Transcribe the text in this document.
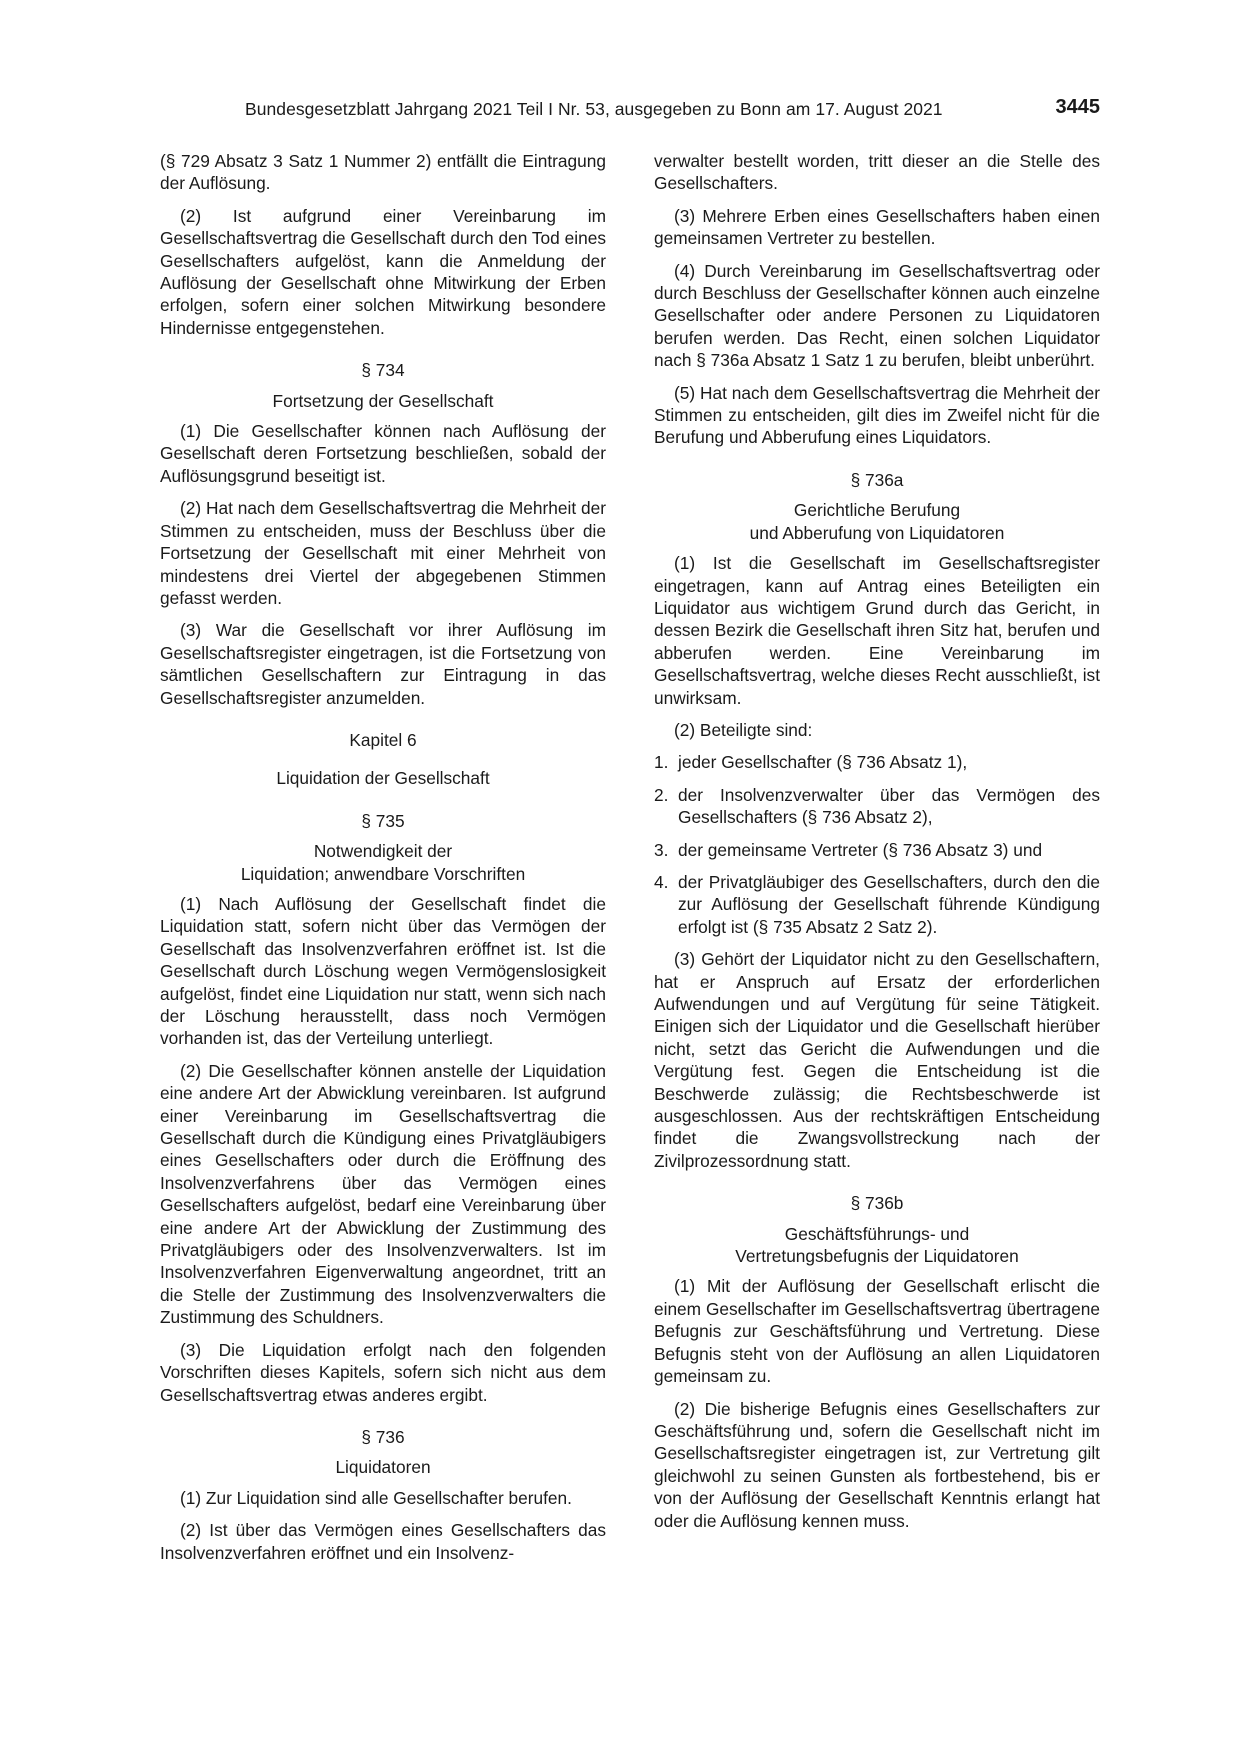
Bundesgesetzblatt Jahrgang 2021 Teil I Nr. 53, ausgegeben zu Bonn am 17. August 2021	3445

(§ 729 Absatz 3 Satz 1 Nummer 2) entfällt die Eintragung der Auflösung.

(2) Ist aufgrund einer Vereinbarung im Gesellschaftsvertrag die Gesellschaft durch den Tod eines Gesellschafters aufgelöst, kann die Anmeldung der Auflösung der Gesellschaft ohne Mitwirkung der Erben erfolgen, sofern einer solchen Mitwirkung besondere Hindernisse entgegenstehen.

§ 734

Fortsetzung der Gesellschaft

(1) Die Gesellschafter können nach Auflösung der Gesellschaft deren Fortsetzung beschließen, sobald der Auflösungsgrund beseitigt ist.

(2) Hat nach dem Gesellschaftsvertrag die Mehrheit der Stimmen zu entscheiden, muss der Beschluss über die Fortsetzung der Gesellschaft mit einer Mehrheit von mindestens drei Viertel der abgegebenen Stimmen gefasst werden.

(3) War die Gesellschaft vor ihrer Auflösung im Gesellschaftsregister eingetragen, ist die Fortsetzung von sämtlichen Gesellschaftern zur Eintragung in das Gesellschaftsregister anzumelden.

Kapitel 6

Liquidation der Gesellschaft

§ 735

Notwendigkeit der

Liquidation; anwendbare Vorschriften

(1) Nach Auflösung der Gesellschaft findet die Liquidation statt, sofern nicht über das Vermögen der Gesellschaft das Insolvenzverfahren eröffnet ist. Ist die Gesellschaft durch Löschung wegen Vermögenslosigkeit aufgelöst, findet eine Liquidation nur statt, wenn sich nach der Löschung herausstellt, dass noch Vermögen vorhanden ist, das der Verteilung unterliegt.

(2) Die Gesellschafter können anstelle der Liquidation eine andere Art der Abwicklung vereinbaren. Ist aufgrund einer Vereinbarung im Gesellschaftsvertrag die Gesellschaft durch die Kündigung eines Privatgläubigers eines Gesellschafters oder durch die Eröffnung des Insolvenzverfahrens über das Vermögen eines Gesellschafters aufgelöst, bedarf eine Vereinbarung über eine andere Art der Abwicklung der Zustimmung des Privatgläubigers oder des Insolvenzverwalters. Ist im Insolvenzverfahren Eigenverwaltung angeordnet, tritt an die Stelle der Zustimmung des Insolvenzverwalters die Zustimmung des Schuldners.

(3) Die Liquidation erfolgt nach den folgenden Vorschriften dieses Kapitels, sofern sich nicht aus dem Gesellschaftsvertrag etwas anderes ergibt.

§ 736

Liquidatoren

(1) Zur Liquidation sind alle Gesellschafter berufen.

(2) Ist über das Vermögen eines Gesellschafters das Insolvenzverfahren eröffnet und ein Insolvenz-

verwalter bestellt worden, tritt dieser an die Stelle des Gesellschafters.

(3) Mehrere Erben eines Gesellschafters haben einen gemeinsamen Vertreter zu bestellen.

(4) Durch Vereinbarung im Gesellschaftsvertrag oder durch Beschluss der Gesellschafter können auch einzelne Gesellschafter oder andere Personen zu Liquidatoren berufen werden. Das Recht, einen solchen Liquidator nach § 736a Absatz 1 Satz 1 zu berufen, bleibt unberührt.

(5) Hat nach dem Gesellschaftsvertrag die Mehrheit der Stimmen zu entscheiden, gilt dies im Zweifel nicht für die Berufung und Abberufung eines Liquidators.

§ 736a

Gerichtliche Berufung

und Abberufung von Liquidatoren

(1) Ist die Gesellschaft im Gesellschaftsregister eingetragen, kann auf Antrag eines Beteiligten ein Liquidator aus wichtigem Grund durch das Gericht, in dessen Bezirk die Gesellschaft ihren Sitz hat, berufen und abberufen werden. Eine Vereinbarung im Gesellschaftsvertrag, welche dieses Recht ausschließt, ist unwirksam.

(2) Beteiligte sind:

1. jeder Gesellschafter (§ 736 Absatz 1),
2. der Insolvenzverwalter über das Vermögen des Gesellschafters (§ 736 Absatz 2),
3. der gemeinsame Vertreter (§ 736 Absatz 3) und
4. der Privatgläubiger des Gesellschafters, durch den die zur Auflösung der Gesellschaft führende Kündigung erfolgt ist (§ 735 Absatz 2 Satz 2).

(3) Gehört der Liquidator nicht zu den Gesellschaftern, hat er Anspruch auf Ersatz der erforderlichen Aufwendungen und auf Vergütung für seine Tätigkeit. Einigen sich der Liquidator und die Gesellschaft hierüber nicht, setzt das Gericht die Aufwendungen und die Vergütung fest. Gegen die Entscheidung ist die Beschwerde zulässig; die Rechtsbeschwerde ist ausgeschlossen. Aus der rechtskräftigen Entscheidung findet die Zwangsvollstreckung nach der Zivilprozessordnung statt.

§ 736b

Geschäftsführungs- und

Vertretungsbefugnis der Liquidatoren

(1) Mit der Auflösung der Gesellschaft erlischt die einem Gesellschafter im Gesellschaftsvertrag übertragene Befugnis zur Geschäftsführung und Vertretung. Diese Befugnis steht von der Auflösung an allen Liquidatoren gemeinsam zu.

(2) Die bisherige Befugnis eines Gesellschafters zur Geschäftsführung und, sofern die Gesellschaft nicht im Gesellschaftsregister eingetragen ist, zur Vertretung gilt gleichwohl zu seinen Gunsten als fortbestehend, bis er von der Auflösung der Gesellschaft Kenntnis erlangt hat oder die Auflösung kennen muss.
